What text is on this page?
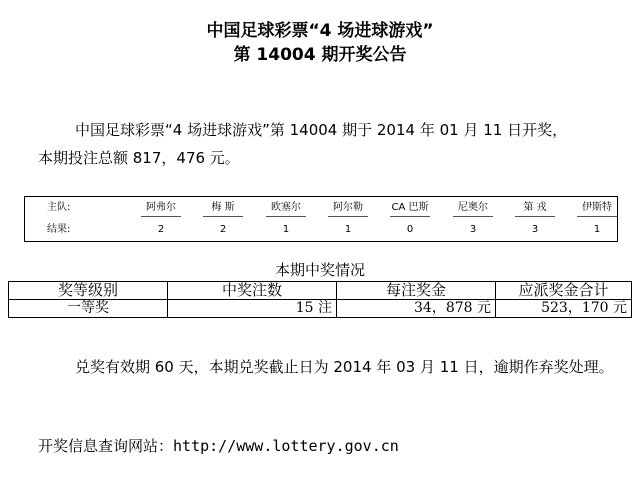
中国足球彩票“4 场进球游戏”
第 14004 期开奖公告
中国足球彩票“4 场进球游戏”第 14004 期于 2014 年 01 月 11 日开奖，
本期投注总额 817，476 元。
主队:	阿弗尔	梅 斯	欧塞尔	阿尔勒	CA 巴斯	尼奥尔	第 戎	伊斯特
结果:	2	2	1	1	0	3	3	1
本期中奖情况
奖等级别	中奖注数	每注奖金	应派奖金合计
一等奖	15 注	34，878 元	523，170 元
兑奖有效期 60 天，本期兑奖截止日为 2014 年 03 月 11 日，逾期作弃奖处理。
开奖信息查询网站：http://www.lottery.gov.cn
